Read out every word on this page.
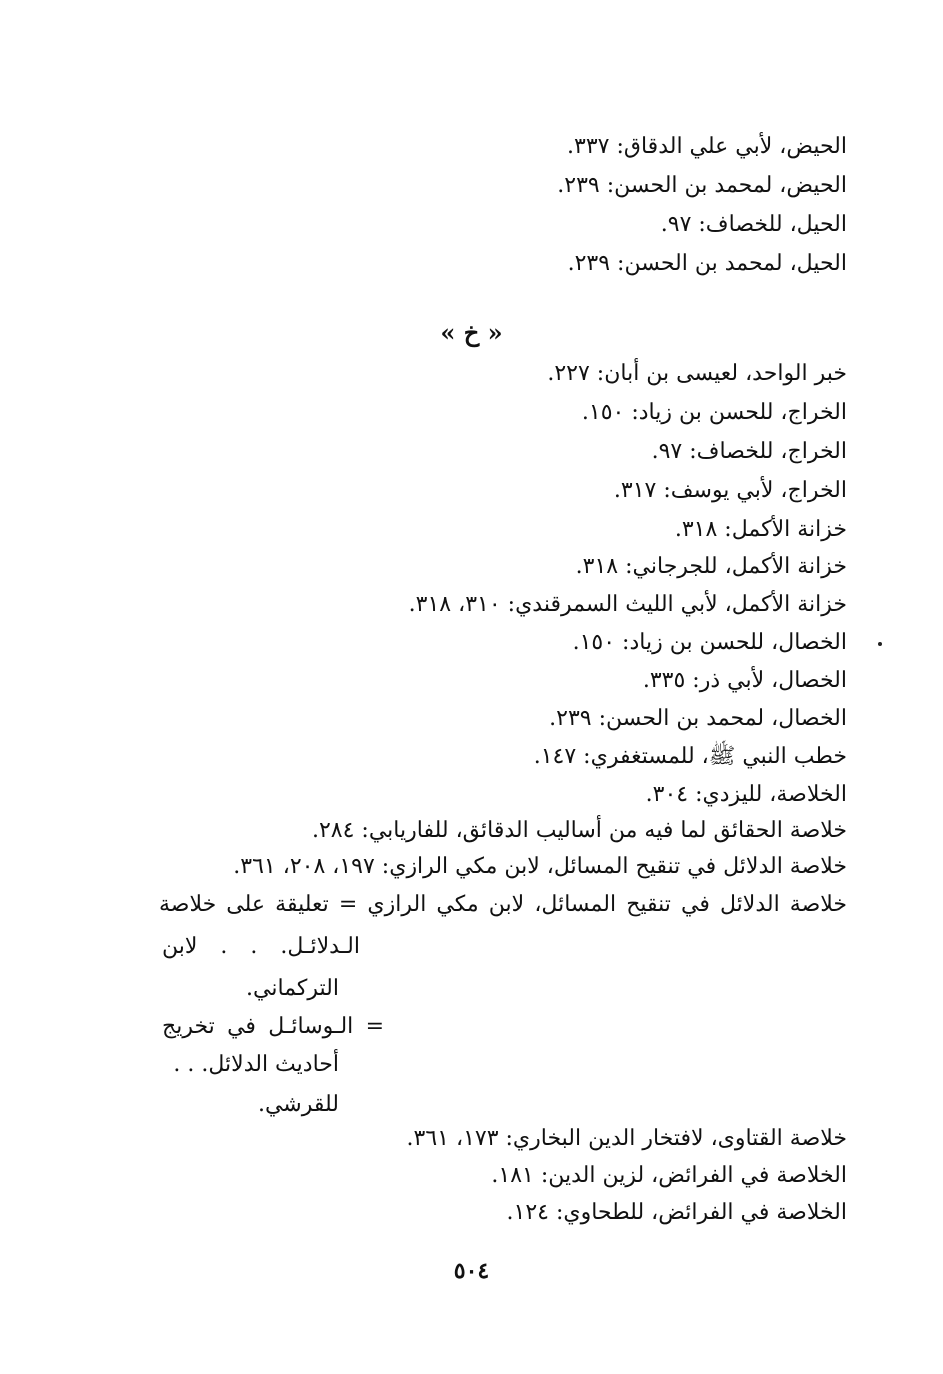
الحيض، لأبي علي الدقاق: ٣٣٧.
الحيض، لمحمد بن الحسن: ٢٣٩.
الحيل، للخصاف: ٩٧.
الحيل، لمحمد بن الحسن: ٢٣٩.
« خ »
خبر الواحد، لعيسى بن أبان: ٢٢٧.
الخراج، للحسن بن زياد: ١٥٠.
الخراج، للخصاف: ٩٧.
الخراج، لأبي يوسف: ٣١٧.
خزانة الأكمل: ٣١٨.
خزانة الأكمل، للجرجاني: ٣١٨.
خزانة الأكمل، لأبي الليث السمرقندي: ٣١٠، ٣١٨.
الخصال، للحسن بن زياد: ١٥٠.
الخصال، لأبي ذر: ٣٣٥.
الخصال، لمحمد بن الحسن: ٢٣٩.
خطب النبي ﷺ، للمستغفري: ١٤٧.
الخلاصة، لليزدي: ٣٠٤.
خلاصة الحقائق لما فيه من أساليب الدقائق، للفاريابي: ٢٨٤.
خلاصة الدلائل في تنقيح المسائل، لابن مكي الرازي: ١٩٧، ٢٠٨، ٣٦١.
خلاصة الدلائل في تنقيح المسائل، لابن مكي الرازي = تعليقة على خلاصة
الـدلائـل. . . لابن
التركماني.
= الـوسائـل في تخريج
أحاديث الدلائل. . .
للقرشي.
خلاصة القتاوى، لافتخار الدين البخاري: ١٧٣، ٣٦١.
الخلاصة في الفرائض، لزين الدين: ١٨١.
الخلاصة في الفرائض، للطحاوي: ١٢٤.
٥٠٤
